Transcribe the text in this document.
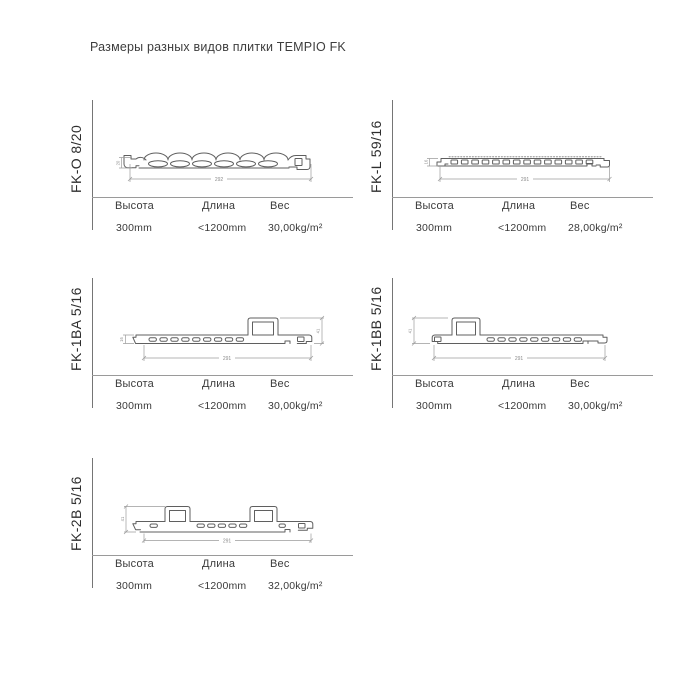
Размеры разных видов плитки TEMPIO FK
FK-O 8/20	292
20
Высота	Длина	Вес
300mm	<1200mm 30,00kg/m²
FK-L 59/16	291
16
Высота	Длина	Вес
300mm	<1200mm 28,00kg/m²
FK-1BA 5/16	291
41
16
Высота	Длина	Вес
300mm	<1200mm 30,00kg/m²
FK-1BB 5/16	291
41
Высота	Длина	Вес
300mm	<1200mm 30,00kg/m²
FK-2B 5/16	291
41
Высота	Длина	Вес
300mm	<1200mm 32,00kg/m²
